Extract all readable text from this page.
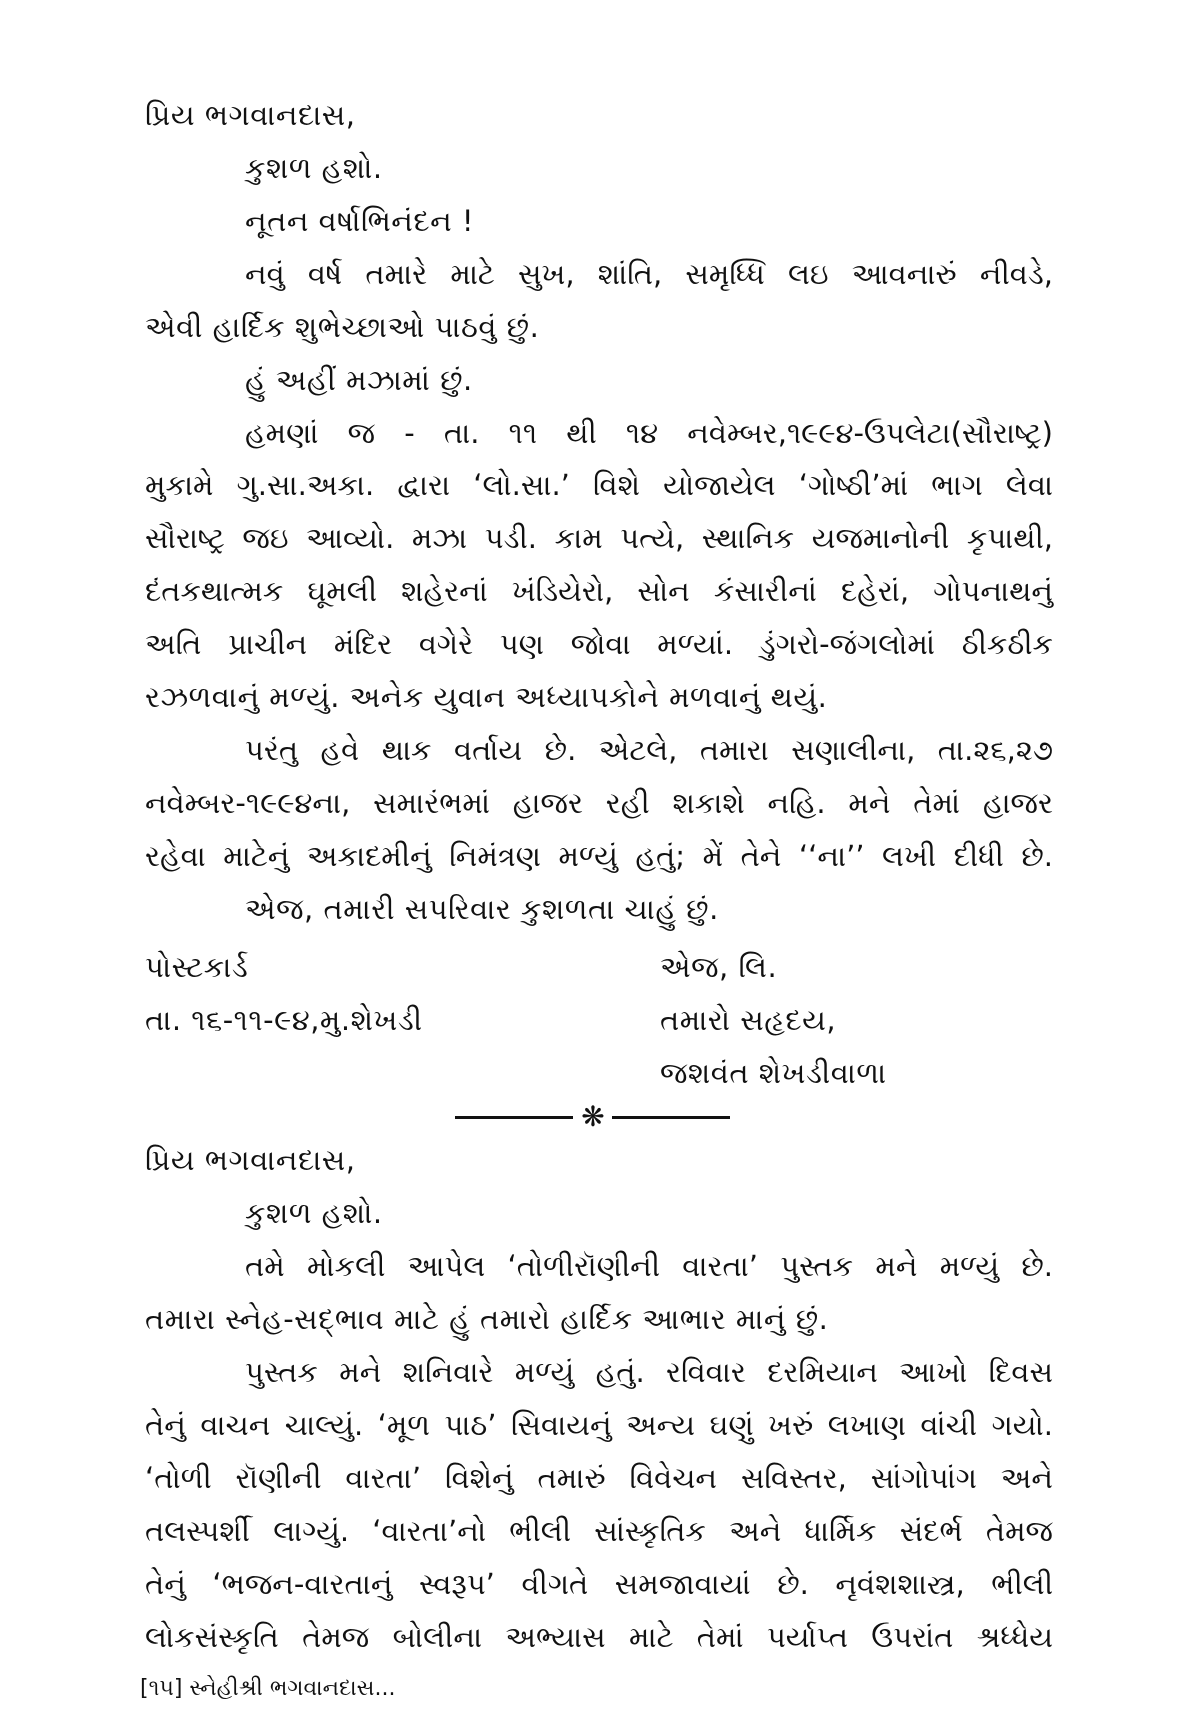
પ્રિય ભગવાનદાસ,
કુશળ હશો.
નૂતન વર્ષાભિનંદન !
નવું વર્ષ તમારે માટે સુખ, શાંતિ, સમૃધ્ધિ લઇ આવનારું નીવડે,
એવી હાર્દિક શુભેચ્છાઓ પાઠવું છું.
હું અહીં મઝામાં છું.
હમણાં જ - તા. ૧૧ થી ૧૪ નવેમ્બર,૧૯૯૪-ઉપલેટા(સૌરાષ્ટ્ર)
મુકામે ગુ.સા.અકા. દ્વારા ‘લો.સા.’ વિશે યોજાયેલ ‘ગોષ્ઠી’માં ભાગ લેવા
સૌરાષ્ટ્ર જઇ આવ્યો. મઝા પડી. કામ પત્યે, સ્થાનિક યજમાનોની કૃપાથી,
દંતકથાત્મક ઘૂમલી શહેરનાં ખંડિયેરો, સોન કંસારીનાં દહેરાં, ગોપનાથનું
અતિ પ્રાચીન મંદિર વગેરે પણ જોવા મળ્યાં. ડુંગરો-જંગલોમાં ઠીકઠીક
રઝળવાનું મળ્યું. અનેક યુવાન અધ્યાપકોને મળવાનું થયું.
પરંતુ હવે થાક વર્તાય છે. એટલે, તમારા સણાલીના, તા.૨૬,૨૭
નવેમ્બર-૧૯૯૪ના, સમારંભમાં હાજર રહી શકાશે નહિ. મને તેમાં હાજર
રહેવા માટેનું અકાદમીનું નિમંત્રણ મળ્યું હતું; મેં તેને ‘‘ના’’ લખી દીધી છે.
એજ, તમારી સપરિવાર કુશળતા ચાહું છું.
પોસ્ટકાર્ડ
તા. ૧૬-૧૧-૯૪,મુ.શેખડી
એજ, લિ.
તમારો સહૃદય,
જશવંત શેખડીવાળા
❋
પ્રિય ભગવાનદાસ,
કુશળ હશો.
તમે મોકલી આપેલ ‘તોળીરૉણીની વારતા’ પુસ્તક મને મળ્યું છે.
તમારા સ્નેહ-સદ્ભાવ માટે હું તમારો હાર્દિક આભાર માનું છું.
પુસ્તક મને શનિવારે મળ્યું હતું. રવિવાર દરમિયાન આખો દિવસ
તેનું વાચન ચાલ્યું. ‘મૂળ પાઠ’ સિવાયનું અન્ય ઘણું ખરું લખાણ વાંચી ગયો.
‘તોળી રૉણીની વારતા’ વિશેનું તમારું વિવેચન સવિસ્તર, સાંગોપાંગ અને
તલસ્પર્શી લાગ્યું. ‘વારતા’નો ભીલી સાંસ્કૃતિક અને ધાર્મિક સંદર્ભ તેમજ
[૧૫] સ્નેહીશ્રી ભગવાનદાસ...
તેનું ‘ભજન-વારતાનું સ્વરૂપ’ વીગતે સમજાવાયાં છે. નૃવંશશાસ્ત્ર, ભીલી
લોકસંસ્કૃતિ તેમજ બોલીના અભ્યાસ માટે તેમાં પર્યાપ્ત ઉપરાંત શ્રધ્ધેય
